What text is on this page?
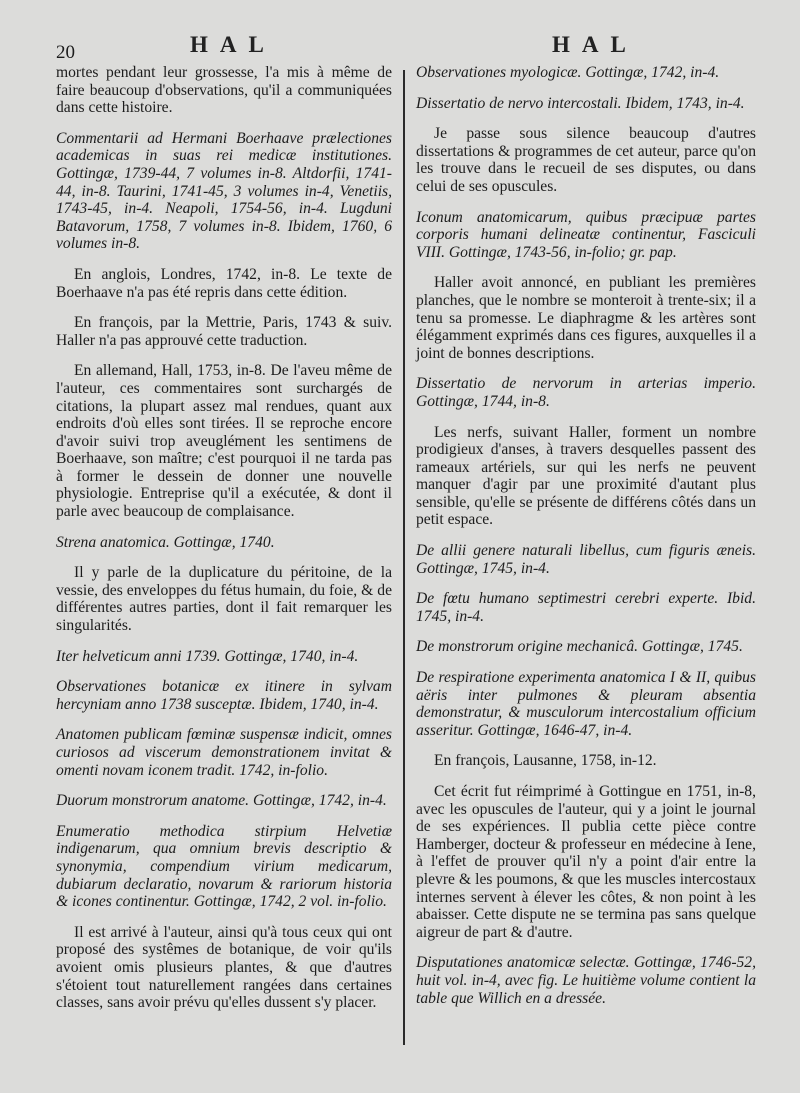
20	HAL	HAL

mortes pendant leur grossesse, l'a mis à même de faire beaucoup d'observations, qu'il a communiquées dans cette histoire.

Commentarii ad Hermani Boerhaave prælectiones academicas in suas rei medicæ institutiones. Gottingæ, 1739-44, 7 volumes in-8. Altdorfii, 1741-44, in-8. Taurini, 1741-45, 3 volumes in-4, Venetiis, 1743-45, in-4. Neapoli, 1754-56, in-4. Lugduni Batavorum, 1758, 7 volumes in-8. Ibidem, 1760, 6 volumes in-8.

En anglois, Londres, 1742, in-8. Le texte de Boerhaave n'a pas été repris dans cette édition.

En françois, par la Mettrie, Paris, 1743 & suiv. Haller n'a pas approuvé cette traduction.

En allemand, Hall, 1753, in-8. De l'aveu même de l'auteur, ces commentaires sont surchargés de citations, la plupart assez mal rendues, quant aux endroits d'où elles sont tirées. Il se reproche encore d'avoir suivi trop aveuglément les sentimens de Boerhaave, son maître; c'est pourquoi il ne tarda pas à former le dessein de donner une nouvelle physiologie. Entreprise qu'il a exécutée, & dont il parle avec beaucoup de complaisance.

Strena anatomica. Gottingæ, 1740.

Il y parle de la duplicature du péritoine, de la vessie, des enveloppes du fétus humain, du foie, & de différentes autres parties, dont il fait remarquer les singularités.

Iter helveticum anni 1739. Gottingæ, 1740, in-4.

Observationes botanicæ ex itinere in sylvam hercyniam anno 1738 susceptæ. Ibidem, 1740, in-4.

Anatomen publicam fœminæ suspensæ indicit, omnes curiosos ad viscerum demonstrationem invitat & omenti novam iconem tradit. 1742, in-folio.

Duorum monstrorum anatome. Gottingæ, 1742, in-4.

Enumeratio methodica stirpium Helvetiæ indigenarum, qua omnium brevis descriptio & synonymia, compendium virium medicarum, dubiarum declaratio, novarum & rariorum historia & icones continentur. Gottingæ, 1742, 2 vol. in-folio.

Il est arrivé à l'auteur, ainsi qu'à tous ceux qui ont proposé des systêmes de botanique, de voir qu'ils avoient omis plusieurs plantes, & que d'autres s'étoient tout naturellement rangées dans certaines classes, sans avoir prévu qu'elles dussent s'y placer.

Observationes myologicæ. Gottingæ, 1742, in-4.

Dissertatio de nervo intercostali. Ibidem, 1743, in-4.

Je passe sous silence beaucoup d'autres dissertations & programmes de cet auteur, parce qu'on les trouve dans le recueil de ses disputes, ou dans celui de ses opuscules.

Iconum anatomicarum, quibus præcipuæ partes corporis humani delineatæ continentur, Fasciculi VIII. Gottingæ, 1743-56, in-folio; gr. pap.

Haller avoit annoncé, en publiant les premières planches, que le nombre se monteroit à trente-six; il a tenu sa promesse. Le diaphragme & les artères sont élégamment exprimés dans ces figures, auxquelles il a joint de bonnes descriptions.

Dissertatio de nervorum in arterias imperio. Gottingæ, 1744, in-8.

Les nerfs, suivant Haller, forment un nombre prodigieux d'anses, à travers desquelles passent des rameaux artériels, sur qui les nerfs ne peuvent manquer d'agir par une proximité d'autant plus sensible, qu'elle se présente de différens côtés dans un petit espace.

De allii genere naturali libellus, cum figuris æneis. Gottingæ, 1745, in-4.

De fœtu humano septimestri cerebri experte. Ibid. 1745, in-4.

De monstrorum origine mechanicâ. Gottingæ, 1745.

De respiratione experimenta anatomica I & II, quibus aëris inter pulmones & pleuram absentia demonstratur, & musculorum intercostalium officium asseritur. Gottingæ, 1646-47, in-4.

En françois, Lausanne, 1758, in-12.

Cet écrit fut réimprimé à Gottingue en 1751, in-8, avec les opuscules de l'auteur, qui y a joint le journal de ses expériences. Il publia cette pièce contre Hamberger, docteur & professeur en médecine à Iene, à l'effet de prouver qu'il n'y a point d'air entre la plevre & les poumons, & que les muscles intercostaux internes servent à élever les côtes, & non point à les abaisser. Cette dispute ne se termina pas sans quelque aigreur de part & d'autre.

Disputationes anatomicæ selectæ. Gottingæ, 1746-52, huit vol. in-4, avec fig. Le huitième volume contient la table que Willich en a dressée.
